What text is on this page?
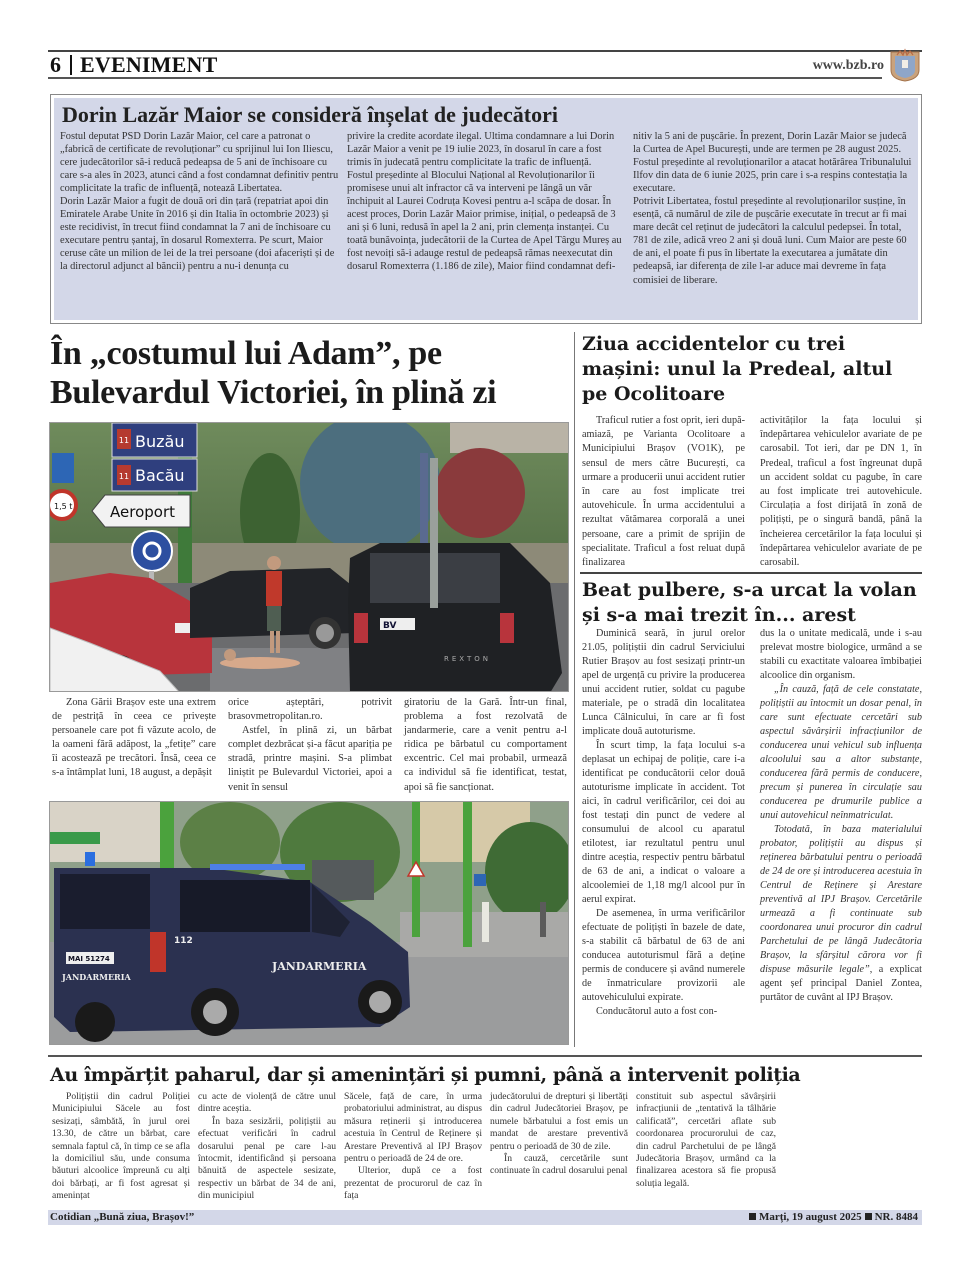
6 EVENIMENT	www.bzb.ro
Dorin Lazăr Maior se consideră înșelat de judecători

Fostul deputat PSD Dorin Lazăr Maior, cel care a patronat o „fabrică de certificate de revoluționar” cu sprijinul lui Ion Iliescu, cere judecătorilor să-i reducă pedeapsa de 5 ani de închisoare cu care s-a ales în 2023, atunci când a fost condamnat definitiv pentru complicitate la trafic de influență, notează Libertatea.

Dorin Lazăr Maior a fugit de două ori din țară (repatriat apoi din Emiratele Arabe Unite în 2016 și din Italia în octombrie 2023) și este recidivist, în trecut fiind condamnat la 7 ani de închisoare cu executare pentru șantaj, în dosarul Romexterra. Pe scurt, Maior ceruse câte un milion de lei de la trei persoane (doi afaceriști și de la directorul adjunct al băncii) pentru a nu-i denunța cu

privire la credite acordate ilegal. Ultima condamnare a lui Dorin Lazăr Maior a venit pe 19 iulie 2023, în dosarul în care a fost trimis în judecată pentru complicitate la trafic de influență.

Fostul președinte al Blocului Național al Revoluționarilor îi promisese unui alt infractor că va interveni pe lângă un văr închipuit al Laurei Codruța Kovesi pentru a-l scăpa de dosar. În acest proces, Dorin Lazăr Maior primise, inițial, o pedeapsă de 3 ani și 6 luni, redusă în apel la 2 ani, prin clemența instanței. Cu toată bunăvoința, judecătorii de la Curtea de Apel Târgu Mureș au fost nevoiți să-i adauge restul de pedeapsă rămas neexecutat din dosarul Romexterra (1.186 de zile), Maior fiind condamnat defi-

nitiv la 5 ani de pușcărie. În prezent, Dorin Lazăr Maior se judecă la Curtea de Apel București, unde are termen pe 28 august 2025. Fostul președinte al revoluționarilor a atacat hotărârea Tribunalului Ilfov din data de 6 iunie 2025, prin care i s-a respins contestația la executare.

Potrivit Libertatea, fostul președinte al revoluționarilor susține, în esență, că numărul de zile de pușcărie executate în trecut ar fi mai mare decât cel reținut de judecători la calculul pedepsei. În total, 781 de zile, adică vreo 2 ani și două luni. Cum Maior are peste 60 de ani, el poate fi pus în libertate la executarea a jumătate din pedeapsă, iar diferența de zile l-ar aduce mai devreme în fața comisiei de liberare.

În „costumul lui Adam”, pe Bulevardul Victoriei, în plină zi
11 Buzău
11 Bacău
Aeroport
1,5 t
BV
REXTON

Zona Gării Brașov este una extrem de pestriță în ceea ce privește persoanele care pot fi văzute acolo, de la oameni fără adăpost, la „fetițe” care îi acostează pe trecători. Însă, ceea ce s-a întâmplat luni, 18 august, a depășit

orice așteptări, potrivit brasovmetropolitan.ro.

Astfel, în plină zi, un bărbat complet dezbrăcat și-a făcut apariția pe stradă, printre mașini. S-a plimbat liniștit pe Bulevardul Victoriei, apoi a venit în sensul

giratoriu de la Gară. Într-un final, problema a fost rezolvată de jandarmerie, care a venit pentru a-l ridica pe bărbatul cu comportament excentric. Cel mai probabil, urmează ca individul să fie identificat, testat, apoi să fie sancționat.

MAI 51274
JANDARMERIA
112
JANDARMERIA
Ziua accidentelor cu trei mașini: unul la Predeal, altul pe Ocolitoare

Traficul rutier a fost oprit, ieri după-amiază, pe Varianta Ocolitoare a Municipiului Brașov (VO1K), pe sensul de mers către București, ca urmare a producerii unui accident rutier în care au fost implicate trei autovehicule. În urma accidentului a rezultat vătămarea corporală a unei persoane, care a primit de sprijin de specialitate. Traficul a fost reluat după finalizarea

activităților la fața locului și îndepărtarea vehiculelor avariate de pe carosabil. Tot ieri, dar pe DN 1, în Predeal, traficul a fost îngreunat după un accident soldat cu pagube, în care au fost implicate trei autovehicule. Circulația a fost dirijată în zonă de polițiști, pe o singură bandă, până la încheierea cercetărilor la fața locului și îndepărtarea vehiculelor avariate de pe carosabil.

Beat pulbere, s-a urcat la volan și s-a mai trezit în... arest

Duminică seară, în jurul orelor 21.05, polițiștii din cadrul Serviciului Rutier Brașov au fost sesizați printr-un apel de urgență cu privire la producerea unui accident rutier, soldat cu pagube materiale, pe o stradă din localitatea Lunca Câlnicului, în care ar fi fost implicate două autoturisme.

În scurt timp, la fața locului s-a deplasat un echipaj de poliție, care i-a identificat pe conducătorii celor două autoturisme implicate în accident. Tot aici, în cadrul verificărilor, cei doi au fost testați din punct de vedere al consumului de alcool cu aparatul etilotest, iar rezultatul pentru unul dintre aceștia, respectiv pentru bărbatul de 63 de ani, a indicat o valoare a alcoolemiei de 1,18 mg/l alcool pur în aerul expirat.

De asemenea, în urma verificărilor efectuate de polițiști în bazele de date, s-a stabilit că bărbatul de 63 de ani conducea autoturismul fără a deține permis de conducere și având numerele de înmatriculare provizorii ale autovehiculului expirate.

Conducătorul auto a fost con-

dus la o unitate medicală, unde i s-au prelevat mostre biologice, urmând a se stabili cu exactitate valoarea îmbibației alcoolice din organism.

„În cauză, față de cele constatate, polițiștii au întocmit un dosar penal, în care sunt efectuate cercetări sub aspectul săvârșirii infracțiunilor de conducerea unui vehicul sub influența alcoolului sau a altor substanțe, conducerea fără permis de conducere, precum și punerea în circulație sau conducerea pe drumurile publice a unui autovehicul neînmatriculat.

Totodată, în baza materialului probator, polițiștii au dispus și reținerea bărbatului pentru o perioadă de 24 de ore și introducerea acestuia în Centrul de Reținere și Arestare preventivă al IPJ Brașov. Cercetările urmează a fi continuate sub coordonarea unui procuror din cadrul Parchetului de pe lângă Judecătoria Brașov, la sfârșitul cărora vor fi dispuse măsurile legale”, a explicat agent șef principal Daniel Zontea, purtător de cuvânt al IPJ Brașov.

Au împărțit paharul, dar și amenințări și pumni, până a intervenit poliția

Polițiștii din cadrul Poliției Municipiului Săcele au fost sesizați, sâmbătă, în jurul orei 13.30, de către un bărbat, care semnala faptul că, în timp ce se afla la domiciliul său, unde consuma băuturi alcoolice împreună cu alți doi bărbați, ar fi fost agresat și amenințat

cu acte de violență de către unul dintre aceștia.

În baza sesizării, polițiștii au efectuat verificări în cadrul dosarului penal pe care l-au întocmit, identificând și persoana bănuită de aspectele sesizate, respectiv un bărbat de 34 de ani, din municipiul

Săcele, față de care, în urma probatoriului administrat, au dispus măsura reținerii și introducerea acestuia în Centrul de Reținere și Arestare Preventivă al IPJ Brașov pentru o perioadă de 24 de ore.

Ulterior, după ce a fost prezentat de procurorul de caz în fața

judecătorului de drepturi și libertăți din cadrul Judecătoriei Brașov, pe numele bărbatului a fost emis un mandat de arestare preventivă pentru o perioadă de 30 de zile.

În cauză, cercetările sunt continuate în cadrul dosarului penal

constituit sub aspectul săvârșirii infracțiunii de „tentativă la tâlhărie calificată”, cercetări aflate sub coordonarea procurorului de caz, din cadrul Parchetului de pe lângă Judecătoria Brașov, urmând ca la finalizarea acestora să fie propusă soluția legală.

Cotidian „Bună ziua, Brașov!”	Marți, 19 august 2025 NR. 8484
